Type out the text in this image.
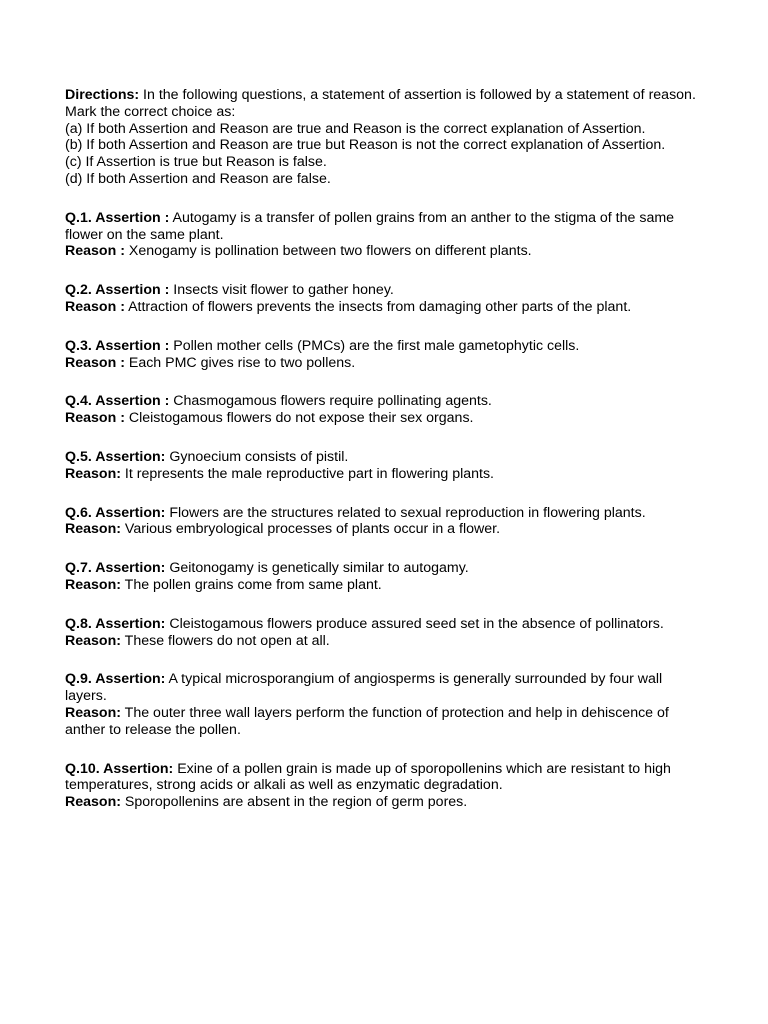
Directions: In the following questions, a statement of assertion is followed by a statement of reason.
Mark the correct choice as:
(a) If both Assertion and Reason are true and Reason is the correct explanation of Assertion.
(b) If both Assertion and Reason are true but Reason is not the correct explanation of Assertion.
(c) If Assertion is true but Reason is false.
(d) If both Assertion and Reason are false.
Q.1. Assertion : Autogamy is a transfer of pollen grains from an anther to the stigma of the same flower on the same plant.
Reason : Xenogamy is pollination between two flowers on different plants.
Q.2. Assertion : Insects visit flower to gather honey.
Reason : Attraction of flowers prevents the insects from damaging other parts of the plant.
Q.3. Assertion : Pollen mother cells (PMCs) are the first male gametophytic cells.
Reason : Each PMC gives rise to two pollens.
Q.4. Assertion : Chasmogamous flowers require pollinating agents.
Reason : Cleistogamous flowers do not expose their sex organs.
Q.5. Assertion: Gynoecium consists of pistil.
Reason: It represents the male reproductive part in flowering plants.
Q.6. Assertion: Flowers are the structures related to sexual reproduction in flowering plants.
Reason: Various embryological processes of plants occur in a flower.
Q.7. Assertion: Geitonogamy is genetically similar to autogamy.
Reason: The pollen grains come from same plant.
Q.8. Assertion: Cleistogamous flowers produce assured seed set in the absence of pollinators.
Reason: These flowers do not open at all.
Q.9. Assertion: A typical microsporangium of angiosperms is generally surrounded by four wall layers.
Reason: The outer three wall layers perform the function of protection and help in dehiscence of anther to release the pollen.
Q.10. Assertion: Exine of a pollen grain is made up of sporopollenins which are resistant to high temperatures, strong acids or alkali as well as enzymatic degradation.
Reason: Sporopollenins are absent in the region of germ pores.
